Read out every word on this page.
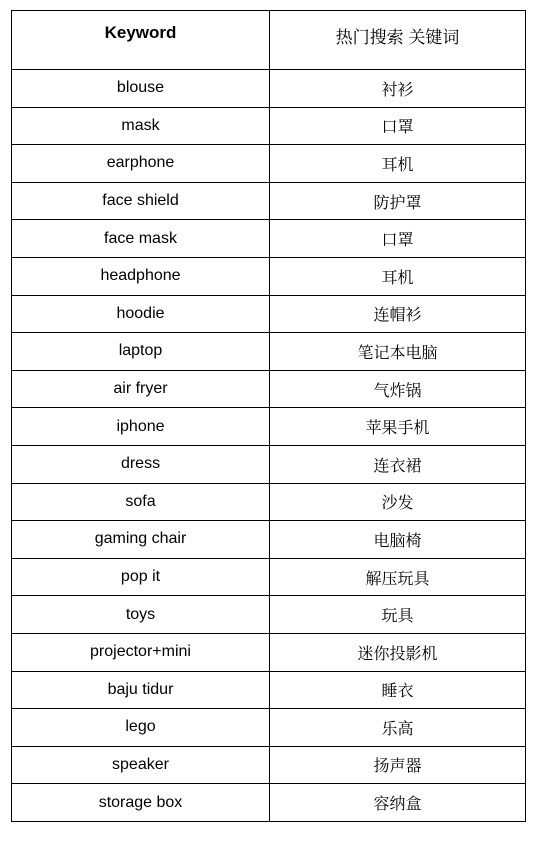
Keyword	热门搜索 关键词
blouse	衬衫
mask	口罩
earphone	耳机
face shield	防护罩
face mask	口罩
headphone	耳机
hoodie	连帽衫
laptop	笔记本电脑
air fryer	气炸锅
iphone	苹果手机
dress	连衣裙
sofa	沙发
gaming chair	电脑椅
pop it	解压玩具
toys	玩具
projector+mini	迷你投影机
baju tidur	睡衣
lego	乐高
speaker	扬声器
storage box	容纳盒
